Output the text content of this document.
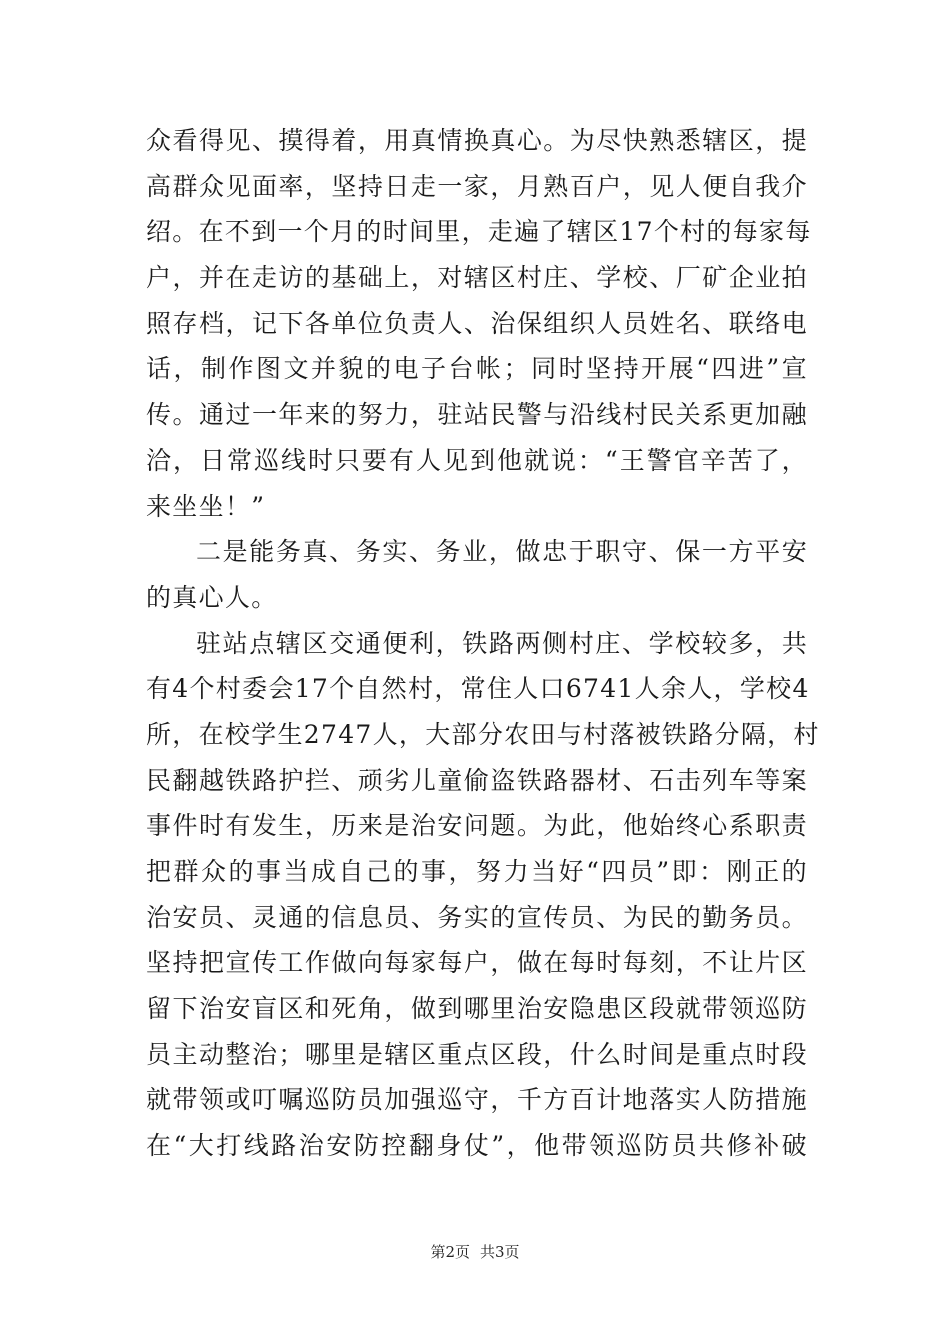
众看得见、摸得着，用真情换真心。为尽快熟悉辖区，提
高群众见面率，坚持日走一家，月熟百户，见人便自我介
绍。在不到一个月的时间里，走遍了辖区17个村的每家每
户，并在走访的基础上，对辖区村庄、学校、厂矿企业拍
照存档，记下各单位负责人、治保组织人员姓名、联络电
话，制作图文并貌的电子台帐；同时坚持开展“四进”宣
传。通过一年来的努力，驻站民警与沿线村民关系更加融
洽，日常巡线时只要有人见到他就说：“王警官辛苦了，
来坐坐！”
二是能务真、务实、务业，做忠于职守、保一方平安
的真心人。
驻站点辖区交通便利，铁路两侧村庄、学校较多，共
有4个村委会17个自然村，常住人口6741人余人，学校4
所，在校学生2747人，大部分农田与村落被铁路分隔，村
民翻越铁路护拦、顽劣儿童偷盗铁路器材、石击列车等案
事件时有发生，历来是治安问题。为此，他始终心系职责
把群众的事当成自己的事，努力当好“四员”即：刚正的
治安员、灵通的信息员、务实的宣传员、为民的勤务员。
坚持把宣传工作做向每家每户，做在每时每刻，不让片区
留下治安盲区和死角，做到哪里治安隐患区段就带领巡防
员主动整治；哪里是辖区重点区段，什么时间是重点时段
就带领或叮嘱巡防员加强巡守，千方百计地落实人防措施
在“大打线路治安防控翻身仗”，他带领巡防员共修补破
第2页 共3页
